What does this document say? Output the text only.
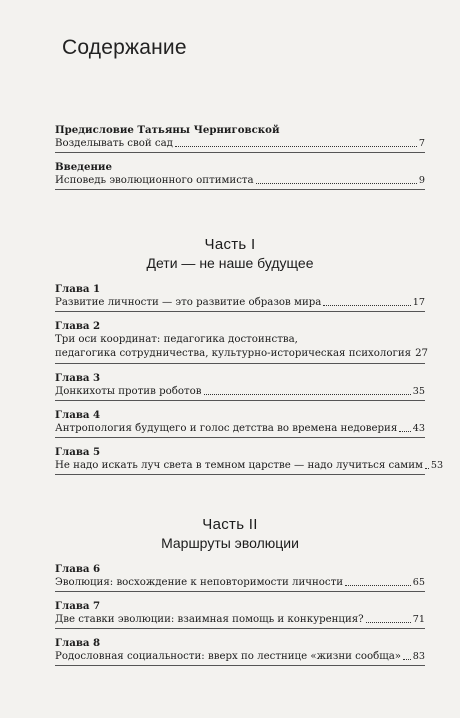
Содержание
Предисловие Татьяны Черниговской
Возделывать свой сад	7
Введение
Исповедь эволюционного оптимиста	9
Часть I
Дети — не наше будущее
Глава 1
Развитие личности — это развитие образов мира	17
Глава 2
Три оси координат: педагогика достоинства,
педагогика сотрудничества, культурно-историческая психология 27
Глава 3
Донкихоты против роботов	35
Глава 4
Антропология будущего и голос детства во времена недоверия 43
Глава 5
Не надо искать луч света в темном царстве — надо лучиться самим 53
Часть II
Маршруты эволюции
Глава 6
Эволюция: восхождение к неповторимости личности	65
Глава 7
Две ставки эволюции: взаимная помощь и конкуренция?	71
Глава 8
Родословная социальности: вверх по лестнице «жизни сообща» 83
